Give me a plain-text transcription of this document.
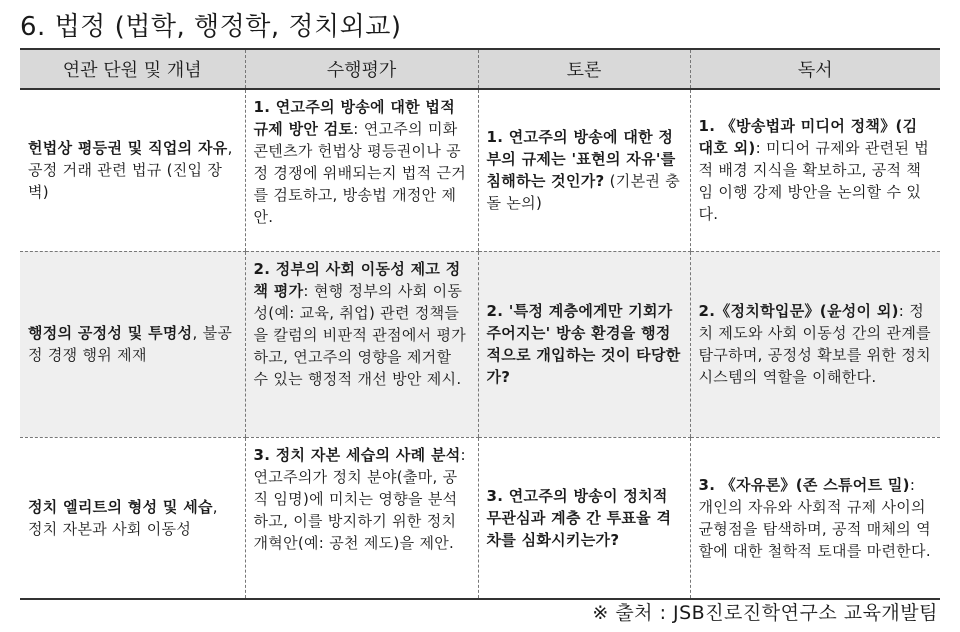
6. 법정 (법학, 행정학, 정치외교)
연관 단원 및 개념	수행평가	토론	독서
헌법상 평등권 및 직업의 자유, 공정 거래 관련 법규 (진입 장벽)	1. 연고주의 방송에 대한 법적 규제 방안 검토: 연고주의 미화 콘텐츠가 헌법상 평등권이나 공정 경쟁에 위배되는지 법적 근거를 검토하고, 방송법 개정안 제안.	1. 연고주의 방송에 대한 정부의 규제는 '표현의 자유'를 침해하는 것인가? (기본권 충돌 논의)	1. 《방송법과 미디어 정책》(김대호 외): 미디어 규제와 관련된 법적 배경 지식을 확보하고, 공적 책임 이행 강제 방안을 논의할 수 있다.
행정의 공정성 및 투명성, 불공정 경쟁 행위 제재	2. 정부의 사회 이동성 제고 정책 평가: 현행 정부의 사회 이동성(예: 교육, 취업) 관련 정책들을 칼럼의 비판적 관점에서 평가하고, 연고주의 영향을 제거할 수 있는 행정적 개선 방안 제시.	2. '특정 계층에게만 기회가 주어지는' 방송 환경을 행정적으로 개입하는 것이 타당한가?	2.《정치학입문》(윤성이 외): 정치 제도와 사회 이동성 간의 관계를 탐구하며, 공정성 확보를 위한 정치 시스템의 역할을 이해한다.
정치 엘리트의 형성 및 세습, 정치 자본과 사회 이동성	3. 정치 자본 세습의 사례 분석: 연고주의가 정치 분야(출마, 공직 임명)에 미치는 영향을 분석하고, 이를 방지하기 위한 정치 개혁안(예: 공천 제도)을 제안.	3. 연고주의 방송이 정치적 무관심과 계층 간 투표율 격차를 심화시키는가?	3. 《자유론》(존 스튜어트 밀): 개인의 자유와 사회적 규제 사이의 균형점을 탐색하며, 공적 매체의 역할에 대한 철학적 토대를 마련한다.
※ 출처 : JSB진로진학연구소 교육개발팀
